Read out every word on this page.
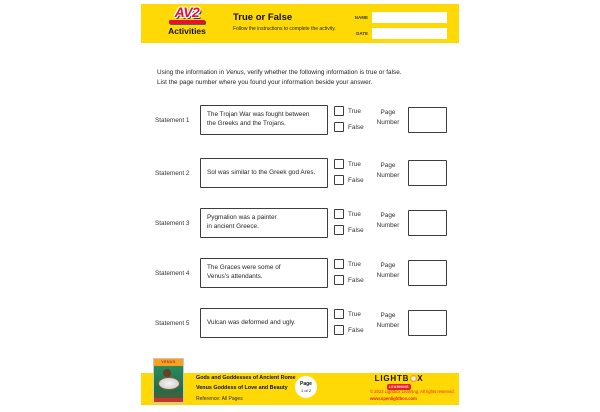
AV2
Activities
True or False
Follow the instructions to complete the activity.
NAME
DATE
Using the information in Venus, verify whether the following information is true or false.
List the page number where you found your information beside your answer.
Statement 1
The Trojan War was fought between
the Greeks and the Trojans.
True
False
Page
Number
Statement 2	Sol was similar to the Greek god Ares.
True
False
Page
Number
Statement 3
Pygmalion was a painter
in ancient Greece.
True
False
Page
Number
Statement 4
The Graces were some of
Venus's attendants.
True
False
Page
Number
Statement 5	Vulcan was deformed and ugly.
True
False
Page
Number
VENUS
Gods and Goddesses of Ancient Rome
Venus Goddess of Love and Beauty
Reference: All Pages
Page
1 of 2
LIGHTB X
LEARNING
© 2022 Lightbox Learning. All rights reserved.
www.openlightbox.com
